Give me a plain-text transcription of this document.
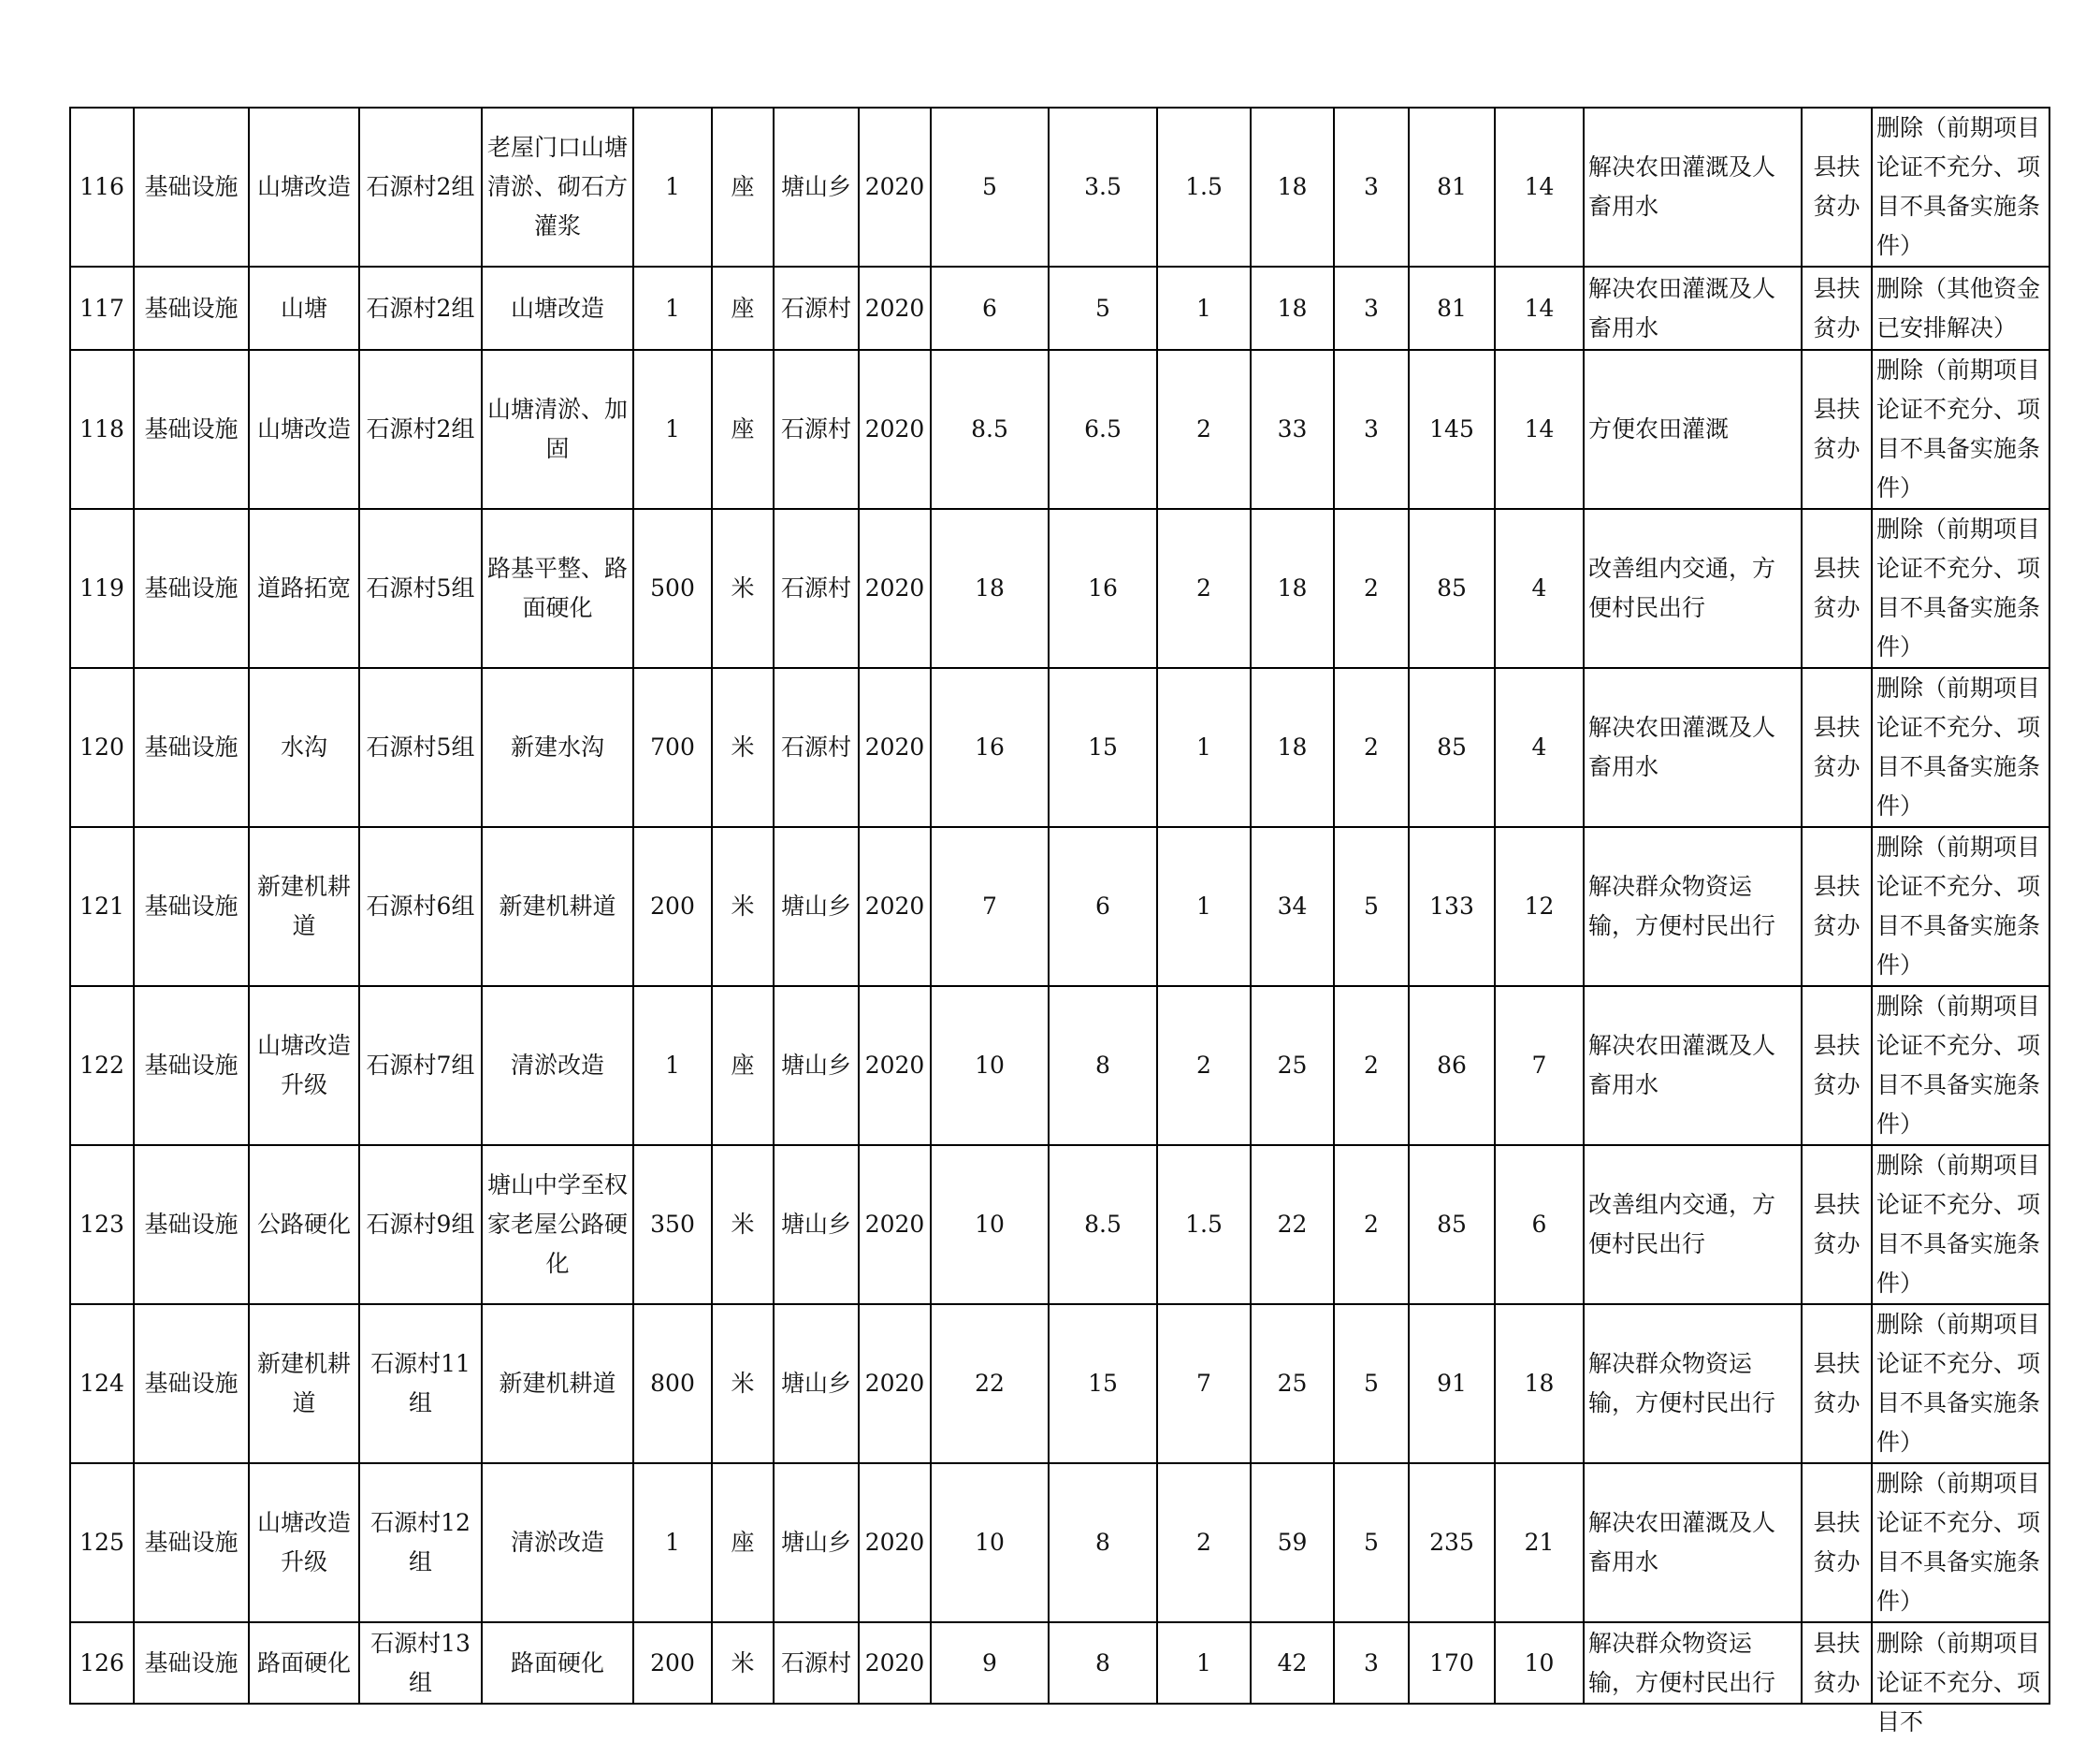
116	基础设施	山塘改造	石源村2组	老屋门口山塘清淤、砌石方灌浆	1	座	塘山乡	2020	5	3.5	1.5	18	3	81	14	解决农田灌溉及人畜用水	县扶贫办	删除（前期项目论证不充分、项目不具备实施条件）
117	基础设施	山塘	石源村2组	山塘改造	1	座	石源村	2020	6	5	1	18	3	81	14	解决农田灌溉及人畜用水	县扶贫办	删除（其他资金已安排解决）
118	基础设施	山塘改造	石源村2组	山塘清淤、加固	1	座	石源村	2020	8.5	6.5	2	33	3	145	14	方便农田灌溉	县扶贫办	删除（前期项目论证不充分、项目不具备实施条件）
119	基础设施	道路拓宽	石源村5组	路基平整、路面硬化	500	米	石源村	2020	18	16	2	18	2	85	4	改善组内交通，方便村民出行	县扶贫办	删除（前期项目论证不充分、项目不具备实施条件）
120	基础设施	水沟	石源村5组	新建水沟	700	米	石源村	2020	16	15	1	18	2	85	4	解决农田灌溉及人畜用水	县扶贫办	删除（前期项目论证不充分、项目不具备实施条件）
121	基础设施	新建机耕道	石源村6组	新建机耕道	200	米	塘山乡	2020	7	6	1	34	5	133	12	解决群众物资运输，方便村民出行	县扶贫办	删除（前期项目论证不充分、项目不具备实施条件）
122	基础设施	山塘改造升级	石源村7组	清淤改造	1	座	塘山乡	2020	10	8	2	25	2	86	7	解决农田灌溉及人畜用水	县扶贫办	删除（前期项目论证不充分、项目不具备实施条件）
123	基础设施	公路硬化	石源村9组	塘山中学至权家老屋公路硬化	350	米	塘山乡	2020	10	8.5	1.5	22	2	85	6	改善组内交通，方便村民出行	县扶贫办	删除（前期项目论证不充分、项目不具备实施条件）
124	基础设施	新建机耕道	石源村11组	新建机耕道	800	米	塘山乡	2020	22	15	7	25	5	91	18	解决群众物资运输，方便村民出行	县扶贫办	删除（前期项目论证不充分、项目不具备实施条件）
125	基础设施	山塘改造升级	石源村12组	清淤改造	1	座	塘山乡	2020	10	8	2	59	5	235	21	解决农田灌溉及人畜用水	县扶贫办	删除（前期项目论证不充分、项目不具备实施条件）
126	基础设施	路面硬化	石源村13组	路面硬化	200	米	石源村	2020	9	8	1	42	3	170	10	解决群众物资运输，方便村民出行	县扶贫办	删除（前期项目论证不充分、项目不
